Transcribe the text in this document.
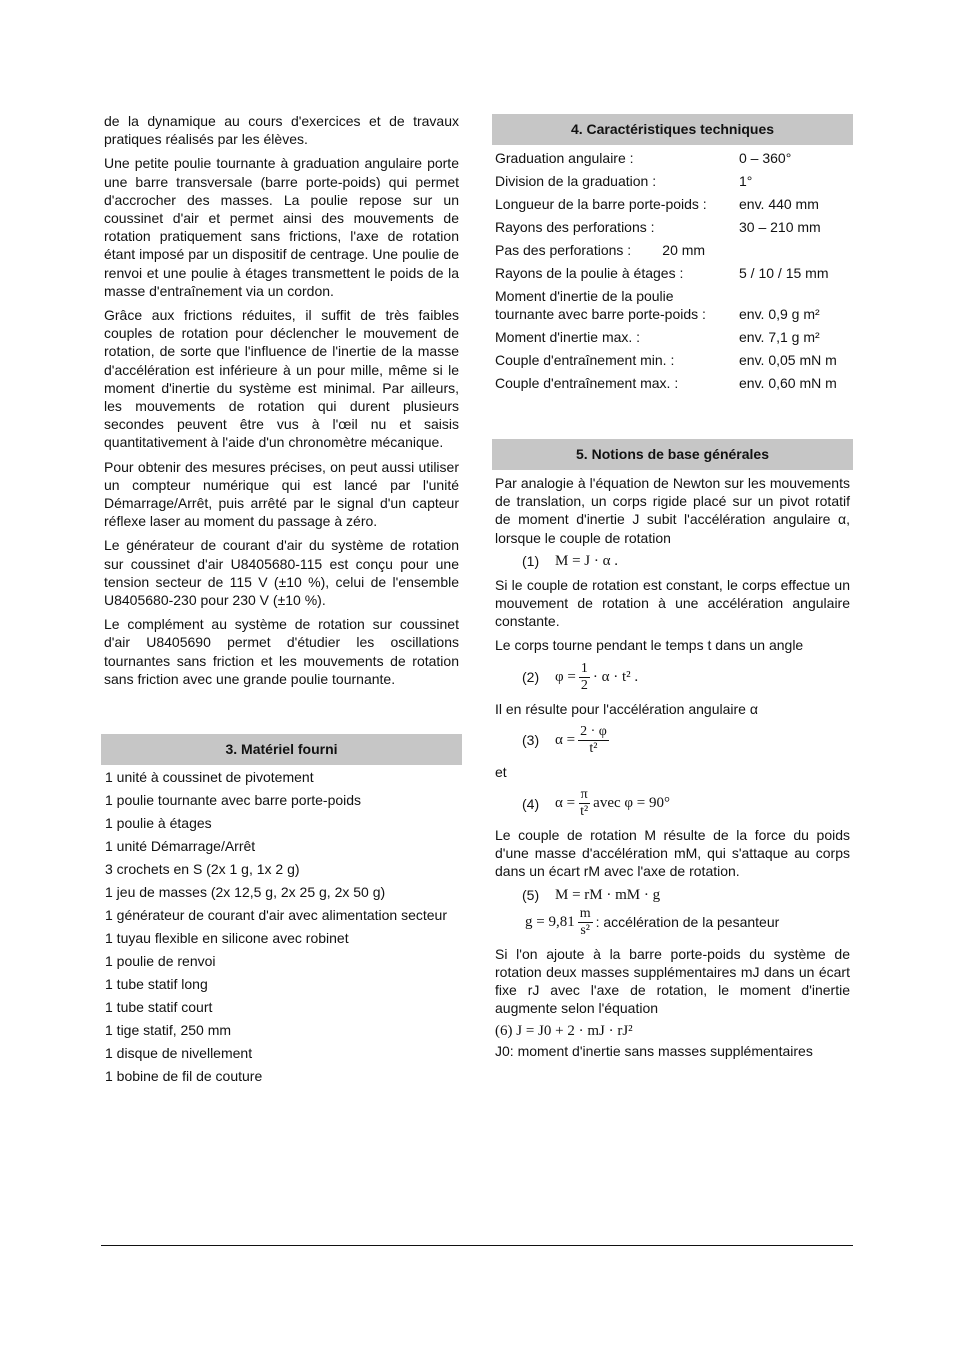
de la dynamique au cours d'exercices et de travaux pratiques réalisés par les élèves.

Une petite poulie tournante à graduation angulaire porte une barre transversale (barre porte-poids) qui permet d'accrocher des masses. La poulie repose sur un coussinet d'air et permet ainsi des mouvements de rotation pratiquement sans frictions, l'axe de rotation étant imposé par un dispositif de centrage. Une poulie de renvoi et une poulie à étages transmettent le poids de la masse d'entraînement via un cordon.

Grâce aux frictions réduites, il suffit de très faibles couples de rotation pour déclencher le mouvement de rotation, de sorte que l'influence de l'inertie de la masse d'accélération est inférieure à un pour mille, même si le moment d'inertie du système est minimal. Par ailleurs, les mouvements de rotation qui durent plusieurs secondes peuvent être vus à l'œil nu et saisis quantitativement à l'aide d'un chronomètre mécanique.

Pour obtenir des mesures précises, on peut aussi utiliser un compteur numérique qui est lancé par l'unité Démarrage/Arrêt, puis arrêté par le signal d'un capteur réflexe laser au moment du passage à zéro.

Le générateur de courant d'air du système de rotation sur coussinet d'air U8405680-115 est conçu pour une tension secteur de 115 V (±10 %), celui de l'ensemble U8405680-230 pour 230 V (±10 %).

Le complément au système de rotation sur coussinet d'air U8405690 permet d'étudier les oscillations tournantes sans friction et les mouvements de rotation sans friction avec une grande poulie tournante.

3. Matériel fourni
1 unité à coussinet de pivotement
1 poulie tournante avec barre porte-poids
1 poulie à étages
1 unité Démarrage/Arrêt
3 crochets en S (2x 1 g, 1x 2 g)
1 jeu de masses (2x 12,5 g, 2x 25 g, 2x 50 g)
1 générateur de courant d'air avec alimentation secteur
1 tuyau flexible en silicone avec robinet
1 poulie de renvoi
1 tube statif long
1 tube statif court
1 tige statif, 250 mm
1 disque de nivellement
1 bobine de fil de couture
4. Caractéristiques techniques
Graduation angulaire :	0 – 360°
Division de la graduation :	1°
Longueur de la barre porte-poids :	env. 440 mm
Rayons des perforations :	30 – 210 mm
Pas des perforations :        20 mm	
Rayons de la poulie à étages :	5 / 10 / 15 mm
Moment d'inertie de la poulie tournante avec barre porte-poids :	env. 0,9 g m²
Moment d'inertie max. :	env. 7,1 g m²
Couple d'entraînement min. :	env. 0,05 mN m
Couple d'entraînement max. :	env. 0,60 mN m
5. Notions de base générales

Par analogie à l'équation de Newton sur les mouvements de translation, un corps rigide placé sur un pivot rotatif de moment d'inertie J subit l'accélération angulaire α, lorsque le couple de rotation

(1)	M = J · α .

Si le couple de rotation est constant, le corps effectue un mouvement de rotation à une accélération angulaire constante.

Le corps tourne pendant le temps t dans un angle

(2)	$\varphi = \frac{1}{2} \cdot \alpha \cdot t^2$ .

Il en résulte pour l'accélération angulaire α

(3)	$\alpha = \frac{2 \cdot \varphi}{\text{t²}}$

et

(4)	$\alpha = \frac{\pi}{\text{t²}}$ avec φ = 90°

Le couple de rotation M résulte de la force du poids d'une masse d'accélération mM, qui s'attaque au corps dans un écart rM avec l'axe de rotation.

(5)	M = rM · mM · g
$g = 9,81 \frac{m}{\text{s²}}$ : accélération de la pesanteur

Si l'on ajoute à la barre porte-poids du système de rotation deux masses supplémentaires mJ dans un écart fixe rJ avec l'axe de rotation, le moment d'inertie augmente selon l'équation

(6) J = J0 + 2 · mJ · rJ²

J0: moment d'inertie sans masses supplémentaires
